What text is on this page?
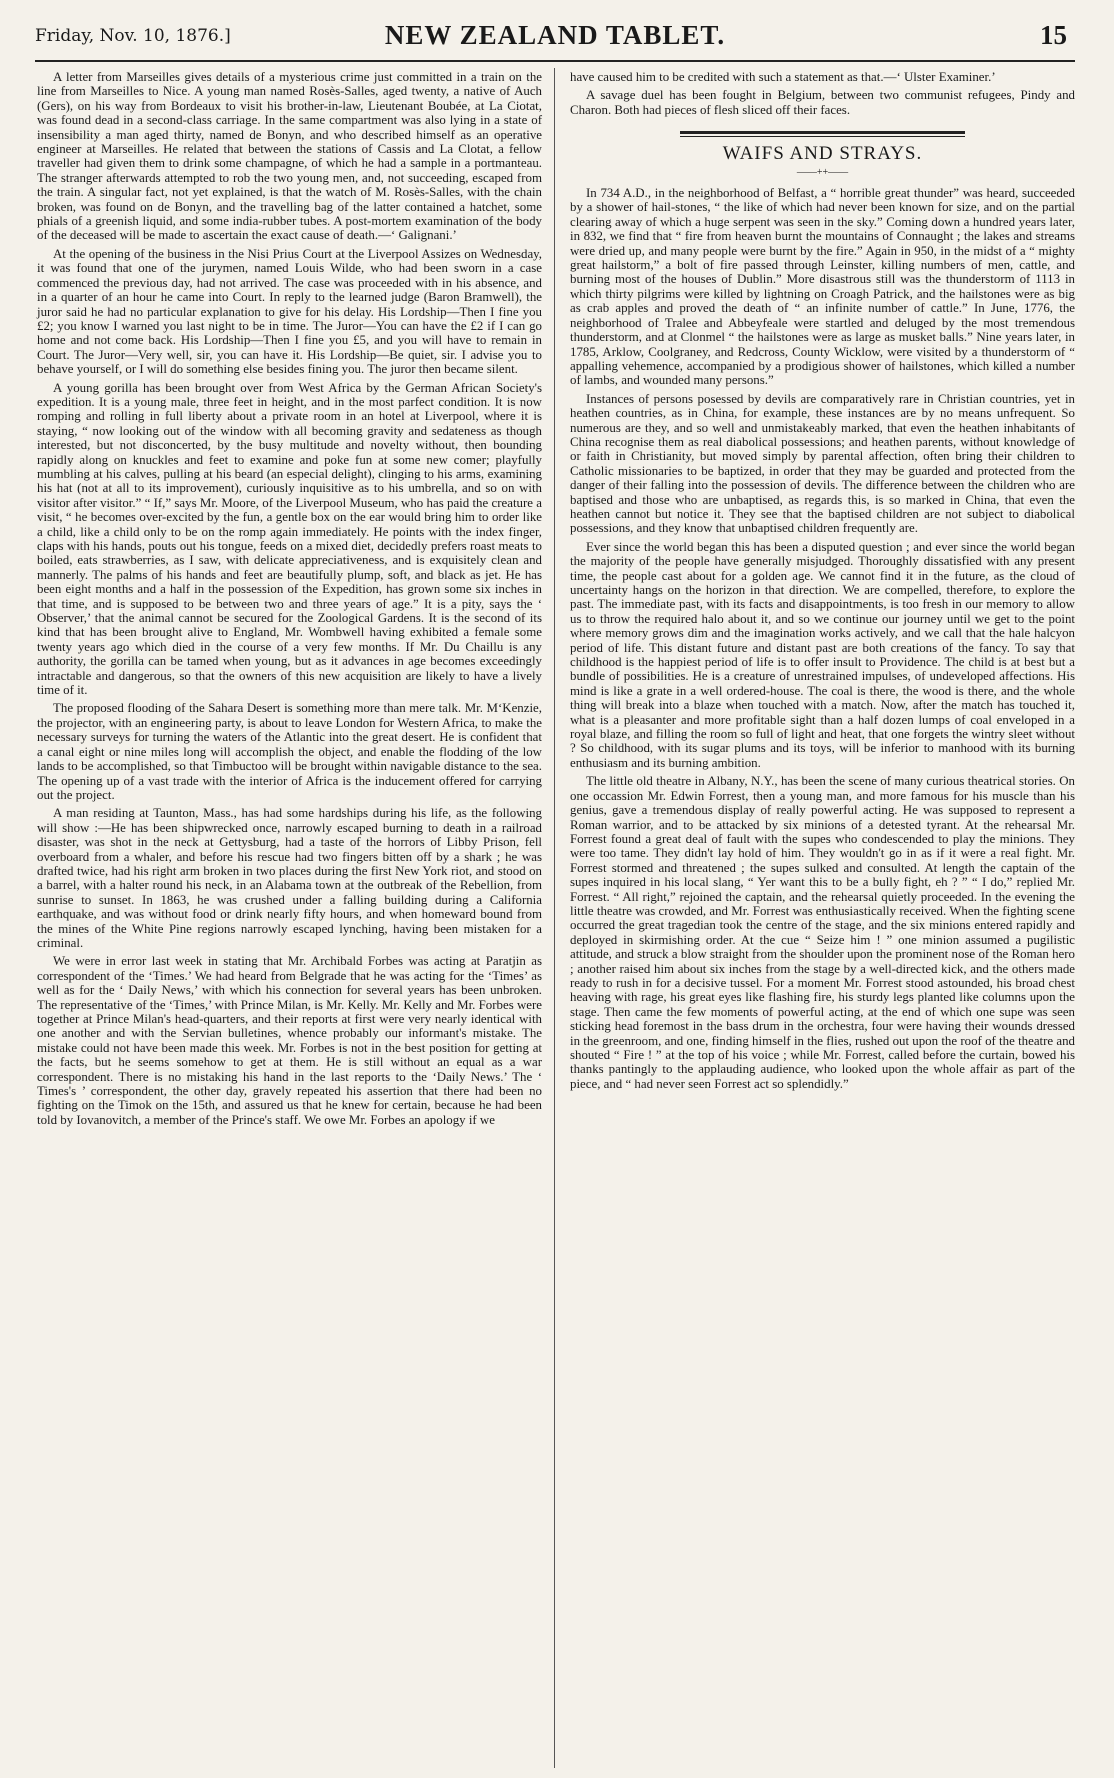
Friday, Nov. 10, 1876.]	NEW ZEALAND TABLET.	15

A letter from Marseilles gives details of a mysterious crime just committed in a train on the line from Marseilles to Nice. A young man named Rosès-Salles, aged twenty, a native of Auch (Gers), on his way from Bordeaux to visit his brother-in-law, Lieutenant Boubée, at La Ciotat, was found dead in a second-class carriage. In the same compartment was also lying in a state of insensibility a man aged thirty, named de Bonyn, and who described himself as an operative engineer at Marseilles. He related that between the stations of Cassis and La Clotat, a fellow traveller had given them to drink some champagne, of which he had a sample in a portmanteau. The stranger afterwards attempted to rob the two young men, and, not succeeding, escaped from the train. A singular fact, not yet explained, is that the watch of M. Rosès-Salles, with the chain broken, was found on de Bonyn, and the travelling bag of the latter contained a hatchet, some phials of a greenish liquid, and some india-rubber tubes. A post-mortem examination of the body of the deceased will be made to ascertain the exact cause of death.—‘ Galignani.’

At the opening of the business in the Nisi Prius Court at the Liverpool Assizes on Wednesday, it was found that one of the jurymen, named Louis Wilde, who had been sworn in a case commenced the previous day, had not arrived. The case was proceeded with in his absence, and in a quarter of an hour he came into Court. In reply to the learned judge (Baron Bramwell), the juror said he had no particular explanation to give for his delay. His Lordship—Then I fine you £2; you know I warned you last night to be in time. The Juror—You can have the £2 if I can go home and not come back. His Lordship—Then I fine you £5, and you will have to remain in Court. The Juror—Very well, sir, you can have it. His Lordship—Be quiet, sir. I advise you to behave yourself, or I will do something else besides fining you. The juror then became silent.

A young gorilla has been brought over from West Africa by the German African Society's expedition. It is a young male, three feet in height, and in the most parfect condition. It is now romping and rolling in full liberty about a private room in an hotel at Liverpool, where it is staying, “ now looking out of the window with all becoming gravity and sedateness as though interested, but not disconcerted, by the busy multitude and novelty without, then bounding rapidly along on knuckles and feet to examine and poke fun at some new comer; playfully mumbling at his calves, pulling at his beard (an especial delight), clinging to his arms, examining his hat (not at all to its improvement), curiously inquisitive as to his umbrella, and so on with visitor after visitor.” “ If,” says Mr. Moore, of the Liverpool Museum, who has paid the creature a visit, “ he becomes over-excited by the fun, a gentle box on the ear would bring him to order like a child, like a child only to be on the romp again immediately. He points with the index finger, claps with his hands, pouts out his tongue, feeds on a mixed diet, decidedly prefers roast meats to boiled, eats strawberries, as I saw, with delicate appreciativeness, and is exquisitely clean and mannerly. The palms of his hands and feet are beautifully plump, soft, and black as jet. He has been eight months and a half in the possession of the Expedition, has grown some six inches in that time, and is supposed to be between two and three years of age.” It is a pity, says the ‘ Observer,’ that the animal cannot be secured for the Zoological Gardens. It is the second of its kind that has been brought alive to England, Mr. Wombwell having exhibited a female some twenty years ago which died in the course of a very few months. If Mr. Du Chaillu is any authority, the gorilla can be tamed when young, but as it advances in age becomes exceedingly intractable and dangerous, so that the owners of this new acquisition are likely to have a lively time of it.

The proposed flooding of the Sahara Desert is something more than mere talk. Mr. M‘Kenzie, the projector, with an engineering party, is about to leave London for Western Africa, to make the necessary surveys for turning the waters of the Atlantic into the great desert. He is confident that a canal eight or nine miles long will accomplish the object, and enable the flodding of the low lands to be accomplished, so that Timbuctoo will be brought within navigable distance to the sea. The opening up of a vast trade with the interior of Africa is the inducement offered for carrying out the project.

A man residing at Taunton, Mass., has had some hardships during his life, as the following will show :—He has been shipwrecked once, narrowly escaped burning to death in a railroad disaster, was shot in the neck at Gettysburg, had a taste of the horrors of Libby Prison, fell overboard from a whaler, and before his rescue had two fingers bitten off by a shark ; he was drafted twice, had his right arm broken in two places during the first New York riot, and stood on a barrel, with a halter round his neck, in an Alabama town at the outbreak of the Rebellion, from sunrise to sunset. In 1863, he was crushed under a falling building during a California earthquake, and was without food or drink nearly fifty hours, and when homeward bound from the mines of the White Pine regions narrowly escaped lynching, having been mistaken for a criminal.

We were in error last week in stating that Mr. Archibald Forbes was acting at Paratjin as correspondent of the ‘Times.’ We had heard from Belgrade that he was acting for the ‘Times’ as well as for the ‘ Daily News,’ with which his connection for several years has been unbroken. The representative of the ‘Times,’ with Prince Milan, is Mr. Kelly. Mr. Kelly and Mr. Forbes were together at Prince Milan's head-quarters, and their reports at first were very nearly identical with one another and with the Servian bulletines, whence probably our informant's mistake. The mistake could not have been made this week. Mr. Forbes is not in the best position for getting at the facts, but he seems somehow to get at them. He is still without an equal as a war correspondent. There is no mistaking his hand in the last reports to the ‘Daily News.’ The ‘ Times's ’ correspondent, the other day, gravely repeated his assertion that there had been no fighting on the Timok on the 15th, and assured us that he knew for certain, because he had been told by Iovanovitch, a member of the Prince's staff. We owe Mr. Forbes an apology if we

have caused him to be credited with such a statement as that.—‘ Ulster Examiner.’

A savage duel has been fought in Belgium, between two communist refugees, Pindy and Charon. Both had pieces of flesh sliced off their faces.

WAIFS AND STRAYS.
——++——

In 734 A.D., in the neighborhood of Belfast, a “ horrible great thunder” was heard, succeeded by a shower of hail-stones, “ the like of which had never been known for size, and on the partial clearing away of which a huge serpent was seen in the sky.” Coming down a hundred years later, in 832, we find that “ fire from heaven burnt the mountains of Connaught ; the lakes and streams were dried up, and many people were burnt by the fire.” Again in 950, in the midst of a “ mighty great hailstorm,” a bolt of fire passed through Leinster, killing numbers of men, cattle, and burning most of the houses of Dublin.” More disastrous still was the thunderstorm of 1113 in which thirty pilgrims were killed by lightning on Croagh Patrick, and the hailstones were as big as crab apples and proved the death of “ an infinite number of cattle.” In June, 1776, the neighborhood of Tralee and Abbeyfeale were startled and deluged by the most tremendous thunderstorm, and at Clonmel “ the hailstones were as large as musket balls.” Nine years later, in 1785, Arklow, Coolgraney, and Redcross, County Wicklow, were visited by a thunderstorm of “ appalling vehemence, accompanied by a prodigious shower of hailstones, which killed a number of lambs, and wounded many persons.”

Instances of persons posessed by devils are comparatively rare in Christian countries, yet in heathen countries, as in China, for example, these instances are by no means unfrequent. So numerous are they, and so well and unmistakeably marked, that even the heathen inhabitants of China recognise them as real diabolical possessions; and heathen parents, without knowledge of or faith in Christianity, but moved simply by parental affection, often bring their children to Catholic missionaries to be baptized, in order that they may be guarded and protected from the danger of their falling into the possession of devils. The difference between the children who are baptised and those who are unbaptised, as regards this, is so marked in China, that even the heathen cannot but notice it. They see that the baptised children are not subject to diabolical possessions, and they know that unbaptised children frequently are.

Ever since the world began this has been a disputed question ; and ever since the world began the majority of the people have generally misjudged. Thoroughly dissatisfied with any present time, the people cast about for a golden age. We cannot find it in the future, as the cloud of uncertainty hangs on the horizon in that direction. We are compelled, therefore, to explore the past. The immediate past, with its facts and disappointments, is too fresh in our memory to allow us to throw the required halo about it, and so we continue our journey until we get to the point where memory grows dim and the imagination works actively, and we call that the hale halcyon period of life. This distant future and distant past are both creations of the fancy. To say that childhood is the happiest period of life is to offer insult to Providence. The child is at best but a bundle of possibilities. He is a creature of unrestrained impulses, of undeveloped affections. His mind is like a grate in a well ordered-house. The coal is there, the wood is there, and the whole thing will break into a blaze when touched with a match. Now, after the match has touched it, what is a pleasanter and more profitable sight than a half dozen lumps of coal enveloped in a royal blaze, and filling the room so full of light and heat, that one forgets the wintry sleet without ? So childhood, with its sugar plums and its toys, will be inferior to manhood with its burning enthusiasm and its burning ambition.

The little old theatre in Albany, N.Y., has been the scene of many curious theatrical stories. On one occassion Mr. Edwin Forrest, then a young man, and more famous for his muscle than his genius, gave a tremendous display of really powerful acting. He was supposed to represent a Roman warrior, and to be attacked by six minions of a detested tyrant. At the rehearsal Mr. Forrest found a great deal of fault with the supes who condescended to play the minions. They were too tame. They didn't lay hold of him. They wouldn't go in as if it were a real fight. Mr. Forrest stormed and threatened ; the supes sulked and consulted. At length the captain of the supes inquired in his local slang, “ Yer want this to be a bully fight, eh ? ” “ I do,” replied Mr. Forrest. “ All right,” rejoined the captain, and the rehearsal quietly proceeded. In the evening the little theatre was crowded, and Mr. Forrest was enthusiastically received. When the fighting scene occurred the great tragedian took the centre of the stage, and the six minions entered rapidly and deployed in skirmishing order. At the cue “ Seize him ! ” one minion assumed a pugilistic attitude, and struck a blow straight from the shoulder upon the prominent nose of the Roman hero ; another raised him about six inches from the stage by a well-directed kick, and the others made ready to rush in for a decisive tussel. For a moment Mr. Forrest stood astounded, his broad chest heaving with rage, his great eyes like flashing fire, his sturdy legs planted like columns upon the stage. Then came the few moments of powerful acting, at the end of which one supe was seen sticking head foremost in the bass drum in the orchestra, four were having their wounds dressed in the greenroom, and one, finding himself in the flies, rushed out upon the roof of the theatre and shouted “ Fire ! ” at the top of his voice ; while Mr. Forrest, called before the curtain, bowed his thanks pantingly to the applauding audience, who looked upon the whole affair as part of the piece, and “ had never seen Forrest act so splendidly.”
